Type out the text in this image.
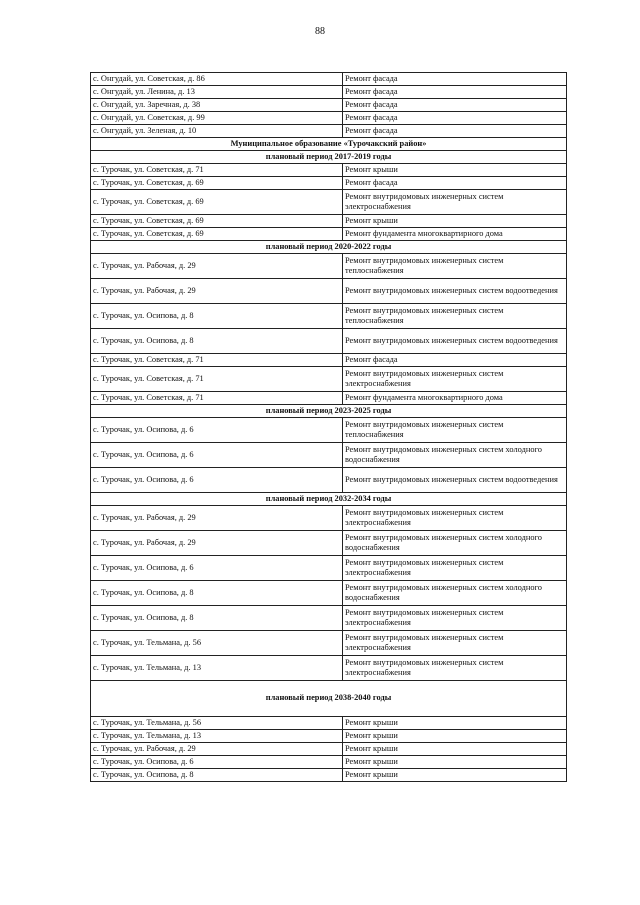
88
с. Онгудай, ул. Советская, д. 86	Ремонт фасада
с. Онгудай, ул. Ленина, д. 13	Ремонт фасада
с. Онгудай, ул. Заречная, д. 38	Ремонт фасада
с. Онгудай, ул. Советская, д. 99	Ремонт фасада
с. Онгудай, ул. Зеленая, д. 10	Ремонт фасада
Муниципальное образование «Турочакский район»	
плановый период 2017-2019 годы	
с. Турочак, ул. Советская, д. 71	Ремонт крыши
с. Турочак, ул. Советская, д. 69	Ремонт фасада
с. Турочак, ул. Советская, д. 69	Ремонт внутридомовых инженерных систем электроснабжения
с. Турочак, ул. Советская, д. 69	Ремонт крыши
с. Турочак, ул. Советская, д. 69	Ремонт фундамента многоквартирного дома
плановый период 2020-2022 годы	
с. Турочак, ул. Рабочая, д. 29	Ремонт внутридомовых инженерных систем теплоснабжения
с. Турочак, ул. Рабочая, д. 29	Ремонт внутридомовых инженерных систем водоотведения
с. Турочак, ул. Осипова, д. 8	Ремонт внутридомовых инженерных систем теплоснабжения
с. Турочак, ул. Осипова, д. 8	Ремонт внутридомовых инженерных систем водоотведения
с. Турочак, ул. Советская, д. 71	Ремонт фасада
с. Турочак, ул. Советская, д. 71	Ремонт внутридомовых инженерных систем электроснабжения
с. Турочак, ул. Советская, д. 71	Ремонт фундамента многоквартирного дома
плановый период 2023-2025 годы	
с. Турочак, ул. Осипова, д. 6	Ремонт внутридомовых инженерных систем теплоснабжения
с. Турочак, ул. Осипова, д. 6	Ремонт внутридомовых инженерных систем холодного водоснабжения
с. Турочак, ул. Осипова, д. 6	Ремонт внутридомовых инженерных систем водоотведения
плановый период 2032-2034 годы	
с. Турочак, ул. Рабочая, д. 29	Ремонт внутридомовых инженерных систем электроснабжения
с. Турочак, ул. Рабочая, д. 29	Ремонт внутридомовых инженерных систем холодного водоснабжения
с. Турочак, ул. Осипова, д. 6	Ремонт внутридомовых инженерных систем электроснабжения
с. Турочак, ул. Осипова, д. 8	Ремонт внутридомовых инженерных систем холодного водоснабжения
с. Турочак, ул. Осипова, д. 8	Ремонт внутридомовых инженерных систем электроснабжения
с. Турочак, ул. Тельмана, д. 56	Ремонт внутридомовых инженерных систем электроснабжения
с. Турочак, ул. Тельмана, д. 13	Ремонт внутридомовых инженерных систем электроснабжения
плановый период 2038-2040 годы	
с. Турочак, ул. Тельмана, д. 56	Ремонт крыши
с. Турочак, ул. Тельмана, д. 13	Ремонт крыши
с. Турочак, ул. Рабочая, д. 29	Ремонт крыши
с. Турочак, ул. Осипова, д. 6	Ремонт крыши
с. Турочак, ул. Осипова, д. 8	Ремонт крыши
